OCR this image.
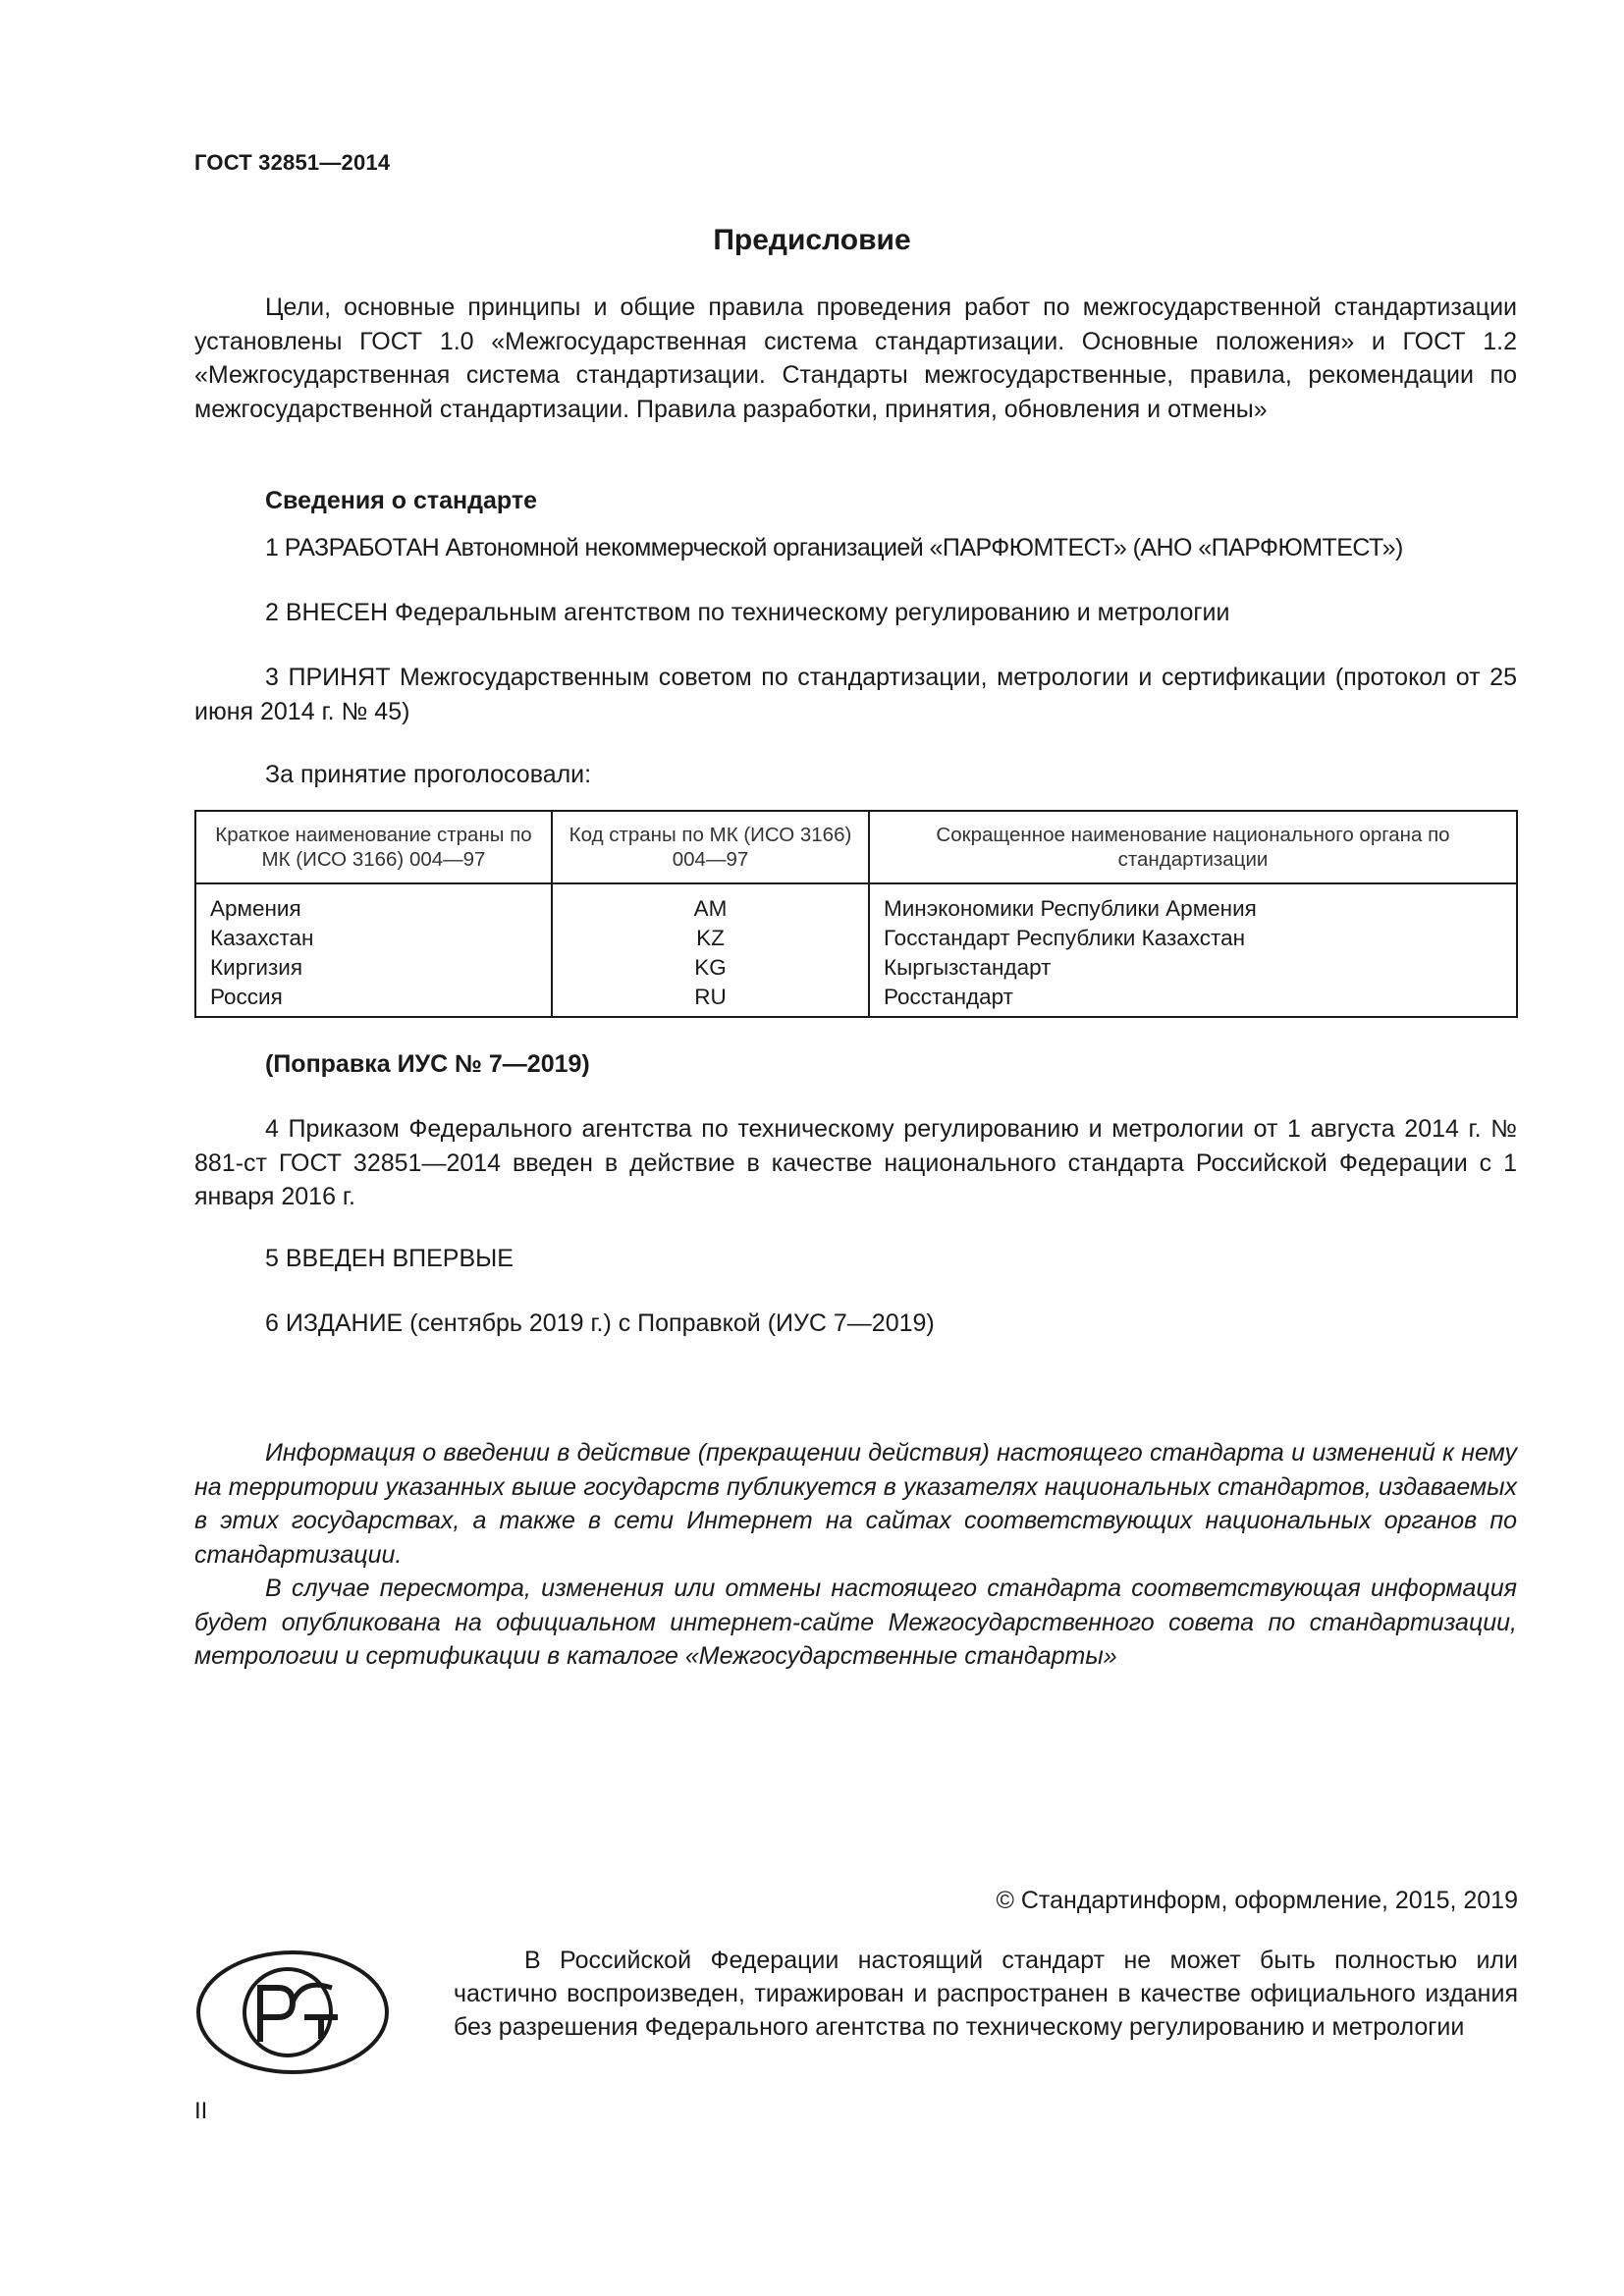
ГОСТ 32851—2014
Предисловие

Цели, основные принципы и общие правила проведения работ по межгосударственной стандартизации установлены ГОСТ 1.0 «Межгосударственная система стандартизации. Основные положения» и ГОСТ 1.2 «Межгосударственная система стандартизации. Стандарты межгосударственные, правила, рекомендации по межгосударственной стандартизации. Правила разработки, принятия, обновления и отмены»

Сведения о стандарте

1 РАЗРАБОТАН Автономной некоммерческой организацией «ПАРФЮМТЕСТ» (АНО «ПАРФЮМТЕСТ»)

2 ВНЕСЕН Федеральным агентством по техническому регулированию и метрологии

3 ПРИНЯТ Межгосударственным советом по стандартизации, метрологии и сертификации (протокол от 25 июня 2014 г. № 45)

За принятие проголосовали:

Краткое наименование страны по МК (ИСО 3166) 004—97	Код страны по МК (ИСО 3166) 004—97	Сокращенное наименование национального органа по стандартизации

Армения	AM	Минэкономики Республики Армения
Казахстан	KZ	Госстандарт Республики Казахстан
Киргизия	KG	Кыргызстандарт
Россия	RU	Росстандарт

(Поправка ИУС № 7—2019)

4 Приказом Федерального агентства по техническому регулированию и метрологии от 1 августа 2014 г. № 881-ст ГОСТ 32851—2014 введен в действие в качестве национального стандарта Российской Федерации с 1 января 2016 г.

5 ВВЕДЕН ВПЕРВЫЕ

6 ИЗДАНИЕ (сентябрь 2019 г.) с Поправкой (ИУС 7—2019)

Информация о введении в действие (прекращении действия) настоящего стандарта и изменений к нему на территории указанных выше государств публикуется в указателях национальных стандартов, издаваемых в этих государствах, а также в сети Интернет на сайтах соответствующих национальных органов по стандартизации.

В случае пересмотра, изменения или отмены настоящего стандарта соответствующая информация будет опубликована на официальном интернет-сайте Межгосударственного совета по стандартизации, метрологии и сертификации в каталоге «Межгосударственные стандарты»

© Стандартинформ, оформление, 2015, 2019

В Российской Федерации настоящий стандарт не может быть полностью или частично воспроизведен, тиражирован и распространен в качестве официального издания без разрешения Федерального агентства по техническому регулированию и метрологии

II
